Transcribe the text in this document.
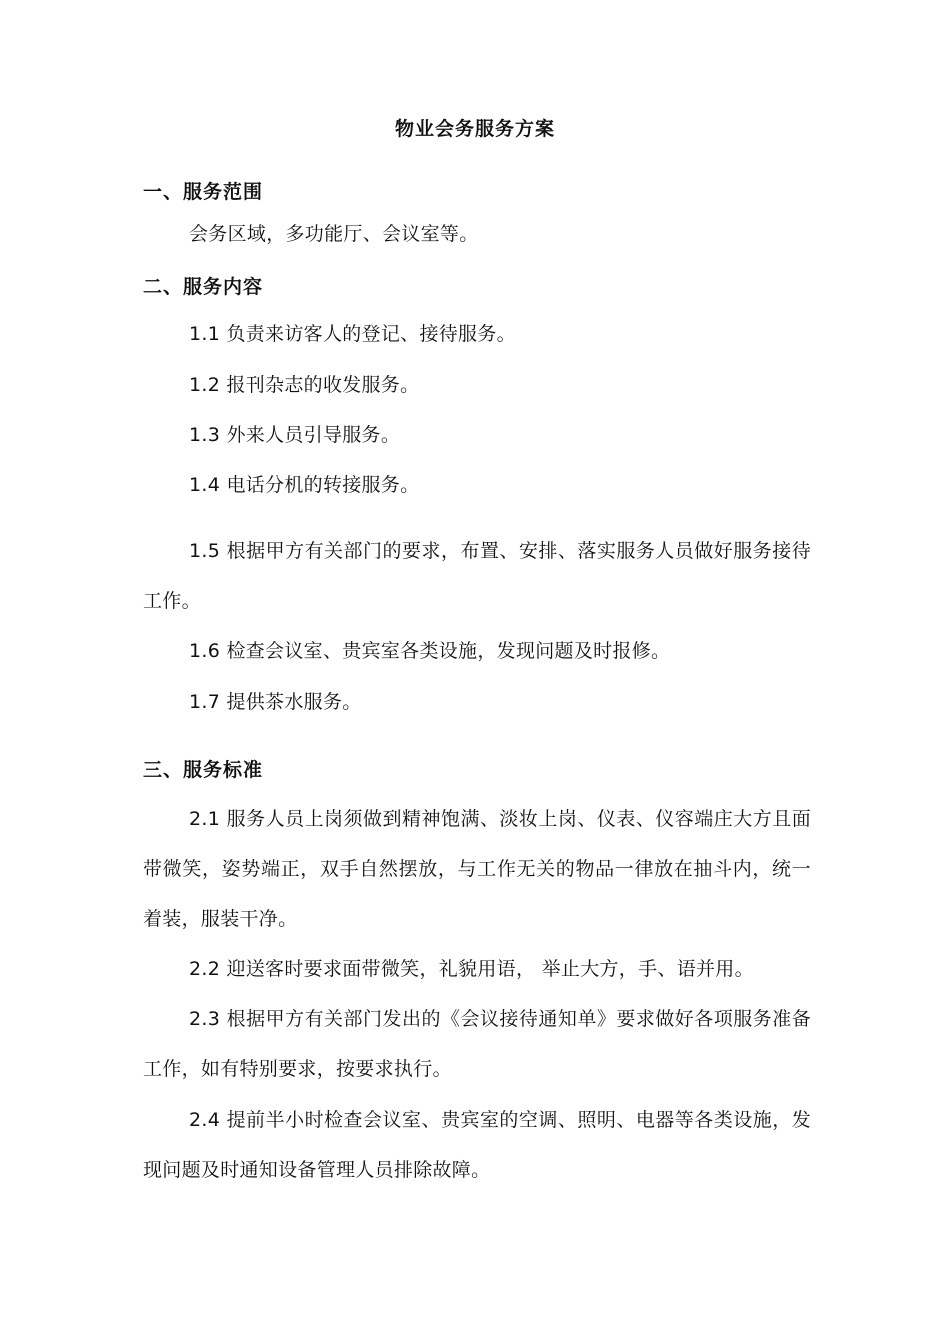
物业会务服务方案
一、服务范围
会务区域，多功能厅、会议室等。
二、服务内容
1.1 负责来访客人的登记、接待服务。
1.2 报刊杂志的收发服务。
1.3 外来人员引导服务。
1.4 电话分机的转接服务。
1.5 根据甲方有关部门的要求，布置、安排、落实服务人员做好服务接待工作。
1.6 检查会议室、贵宾室各类设施，发现问题及时报修。
1.7 提供茶水服务。
三、服务标准
2.1 服务人员上岗须做到精神饱满、淡妆上岗、仪表、仪容端庄大方且面带微笑，姿势端正，双手自然摆放，与工作无关的物品一律放在抽斗内，统一着装，服装干净。
2.2 迎送客时要求面带微笑，礼貌用语， 举止大方，手、语并用。
2.3 根据甲方有关部门发出的《会议接待通知单》要求做好各项服务准备工作，如有特别要求，按要求执行。
2.4 提前半小时检查会议室、贵宾室的空调、照明、电器等各类设施，发现问题及时通知设备管理人员排除故障。
